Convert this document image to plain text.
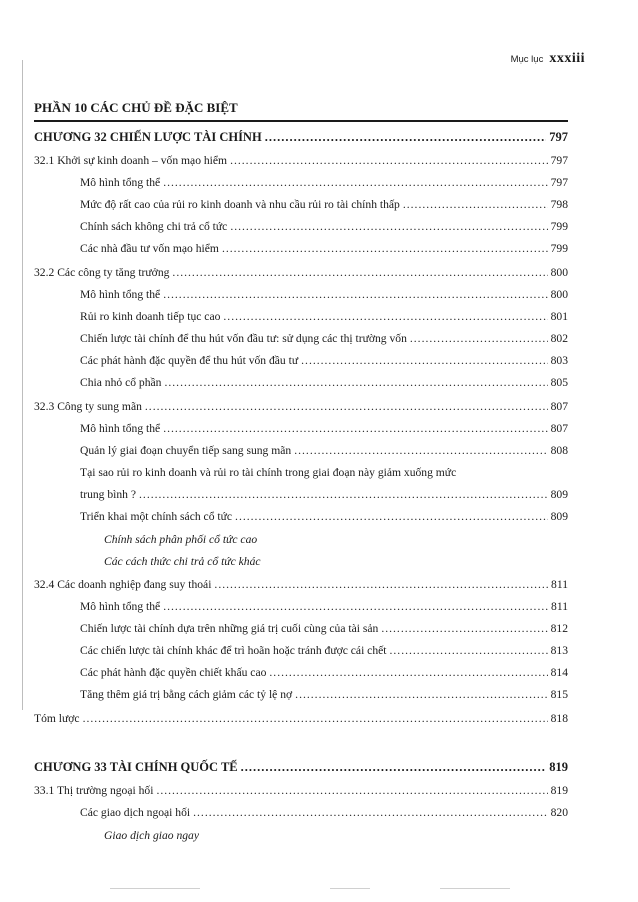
Mục lục xxxiii
PHẦN 10 CÁC CHỦ ĐỀ ĐẶC BIỆT
CHƯƠNG 32 CHIẾN LƯỢC TÀI CHÍNH .....	797
32.1 Khởi sự kinh doanh – vốn mạo hiểm .....	797
Mô hình tổng thể .....	797
Mức độ rất cao của rủi ro kinh doanh và nhu cầu rủi ro tài chính thấp .....	798
Chính sách không chi trả cổ tức .....	799
Các nhà đầu tư vốn mạo hiểm .....	799
32.2 Các công ty tăng trưởng .....	800
Mô hình tổng thể .....	800
Rủi ro kinh doanh tiếp tục cao .....	801
Chiến lược tài chính để thu hút vốn đầu tư: sử dụng các thị trường vốn .....	802
Các phát hành đặc quyền để thu hút vốn đầu tư .....	803
Chia nhỏ cổ phần .....	805
32.3 Công ty sung mãn .....	807
Mô hình tổng thể .....	807
Quản lý giai đoạn chuyển tiếp sang sung mãn .....	808
Tại sao rủi ro kinh doanh và rủi ro tài chính trong giai đoạn này giảm xuống mức
trung bình ? .....	809
Triển khai một chính sách cổ tức .....	809
Chính sách phân phối cổ tức cao
Các cách thức chi trả cổ tức khác
32.4 Các doanh nghiệp đang suy thoái .....	811
Mô hình tổng thể .....	811
Chiến lược tài chính dựa trên những giá trị cuối cùng của tài sản .....	812
Các chiến lược tài chính khác để trì hoãn hoặc tránh được cái chết .....	813
Các phát hành đặc quyền chiết khấu cao .....	814
Tăng thêm giá trị bằng cách giảm các tỷ lệ nợ .....	815
Tóm lược .....	818
CHƯƠNG 33 TÀI CHÍNH QUỐC TẾ .....	819
33.1 Thị trường ngoại hối .....	819
Các giao dịch ngoại hối .....	820
Giao dịch giao ngay
